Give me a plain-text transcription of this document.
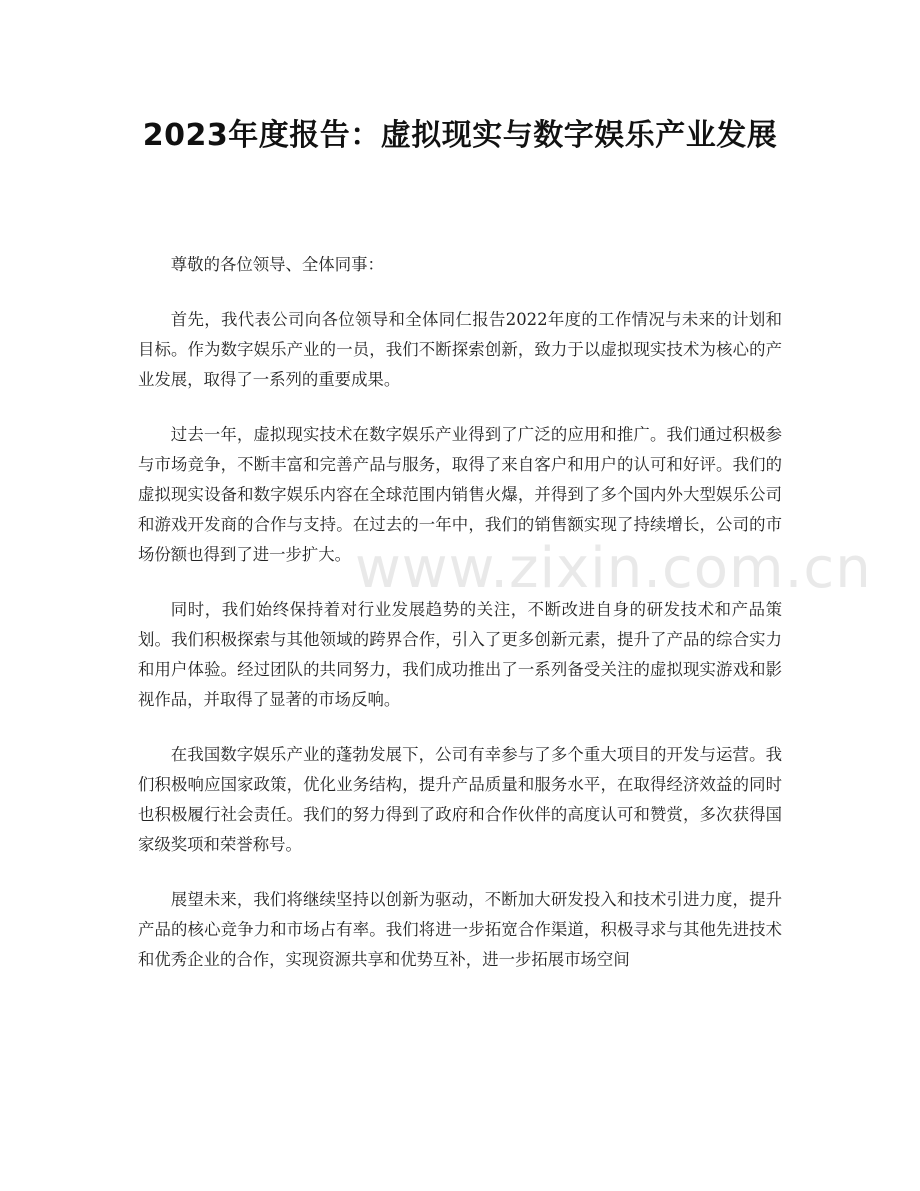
www.zixin.com.cn
2023年度报告：虚拟现实与数字娱乐产业发展

尊敬的各位领导、全体同事：

首先，我代表公司向各位领导和全体同仁报告2022年度的工作情况与未来的计划和目标。作为数字娱乐产业的一员，我们不断探索创新，致力于以虚拟现实技术为核心的产业发展，取得了一系列的重要成果。

过去一年，虚拟现实技术在数字娱乐产业得到了广泛的应用和推广。我们通过积极参与市场竞争，不断丰富和完善产品与服务，取得了来自客户和用户的认可和好评。我们的虚拟现实设备和数字娱乐内容在全球范围内销售火爆，并得到了多个国内外大型娱乐公司和游戏开发商的合作与支持。在过去的一年中，我们的销售额实现了持续增长，公司的市场份额也得到了进一步扩大。

同时，我们始终保持着对行业发展趋势的关注，不断改进自身的研发技术和产品策划。我们积极探索与其他领域的跨界合作，引入了更多创新元素，提升了产品的综合实力和用户体验。经过团队的共同努力，我们成功推出了一系列备受关注的虚拟现实游戏和影视作品，并取得了显著的市场反响。

在我国数字娱乐产业的蓬勃发展下，公司有幸参与了多个重大项目的开发与运营。我们积极响应国家政策，优化业务结构，提升产品质量和服务水平，在取得经济效益的同时也积极履行社会责任。我们的努力得到了政府和合作伙伴的高度认可和赞赏，多次获得国家级奖项和荣誉称号。

展望未来，我们将继续坚持以创新为驱动，不断加大研发投入和技术引进力度，提升产品的核心竞争力和市场占有率。我们将进一步拓宽合作渠道，积极寻求与其他先进技术和优秀企业的合作，实现资源共享和优势互补，进一步拓展市场空间
